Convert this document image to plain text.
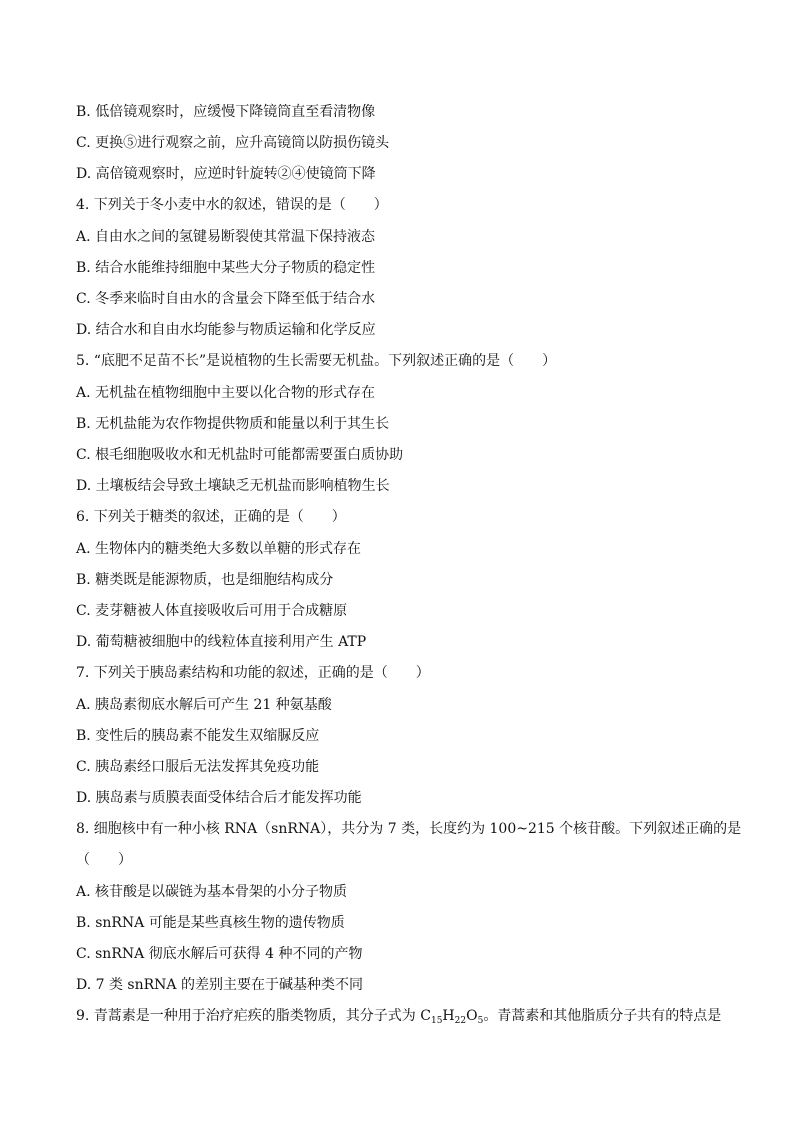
B. 低倍镜观察时，应缓慢下降镜筒直至看清物像
C. 更换⑤进行观察之前，应升高镜筒以防损伤镜头
D. 高倍镜观察时，应逆时针旋转②④使镜筒下降
4. 下列关于冬小麦中水的叙述，错误的是（　　）
A. 自由水之间的氢键易断裂使其常温下保持液态
B. 结合水能维持细胞中某些大分子物质的稳定性
C. 冬季来临时自由水的含量会下降至低于结合水
D. 结合水和自由水均能参与物质运输和化学反应
5. “底肥不足苗不长”是说植物的生长需要无机盐。下列叙述正确的是（　　）
A. 无机盐在植物细胞中主要以化合物的形式存在
B. 无机盐能为农作物提供物质和能量以利于其生长
C. 根毛细胞吸收水和无机盐时可能都需要蛋白质协助
D. 土壤板结会导致土壤缺乏无机盐而影响植物生长
6. 下列关于糖类的叙述，正确的是（　　）
A. 生物体内的糖类绝大多数以单糖的形式存在
B. 糖类既是能源物质，也是细胞结构成分
C. 麦芽糖被人体直接吸收后可用于合成糖原
D. 葡萄糖被细胞中的线粒体直接利用产生 ATP
7. 下列关于胰岛素结构和功能的叙述，正确的是（　　）
A. 胰岛素彻底水解后可产生 21 种氨基酸
B. 变性后的胰岛素不能发生双缩脲反应
C. 胰岛素经口服后无法发挥其免疫功能
D. 胰岛素与质膜表面受体结合后才能发挥功能
8. 细胞核中有一种小核 RNA（snRNA），共分为 7 类，长度约为 100~215 个核苷酸。下列叙述正确的是
（　　）
A. 核苷酸是以碳链为基本骨架的小分子物质
B. snRNA 可能是某些真核生物的遗传物质
C. snRNA 彻底水解后可获得 4 种不同的产物
D. 7 类 snRNA 的差别主要在于碱基种类不同
9. 青蒿素是一种用于治疗疟疾的脂类物质，其分子式为 $C_{15}H_{22}O_5$。青蒿素和其他脂质分子共有的特点是
